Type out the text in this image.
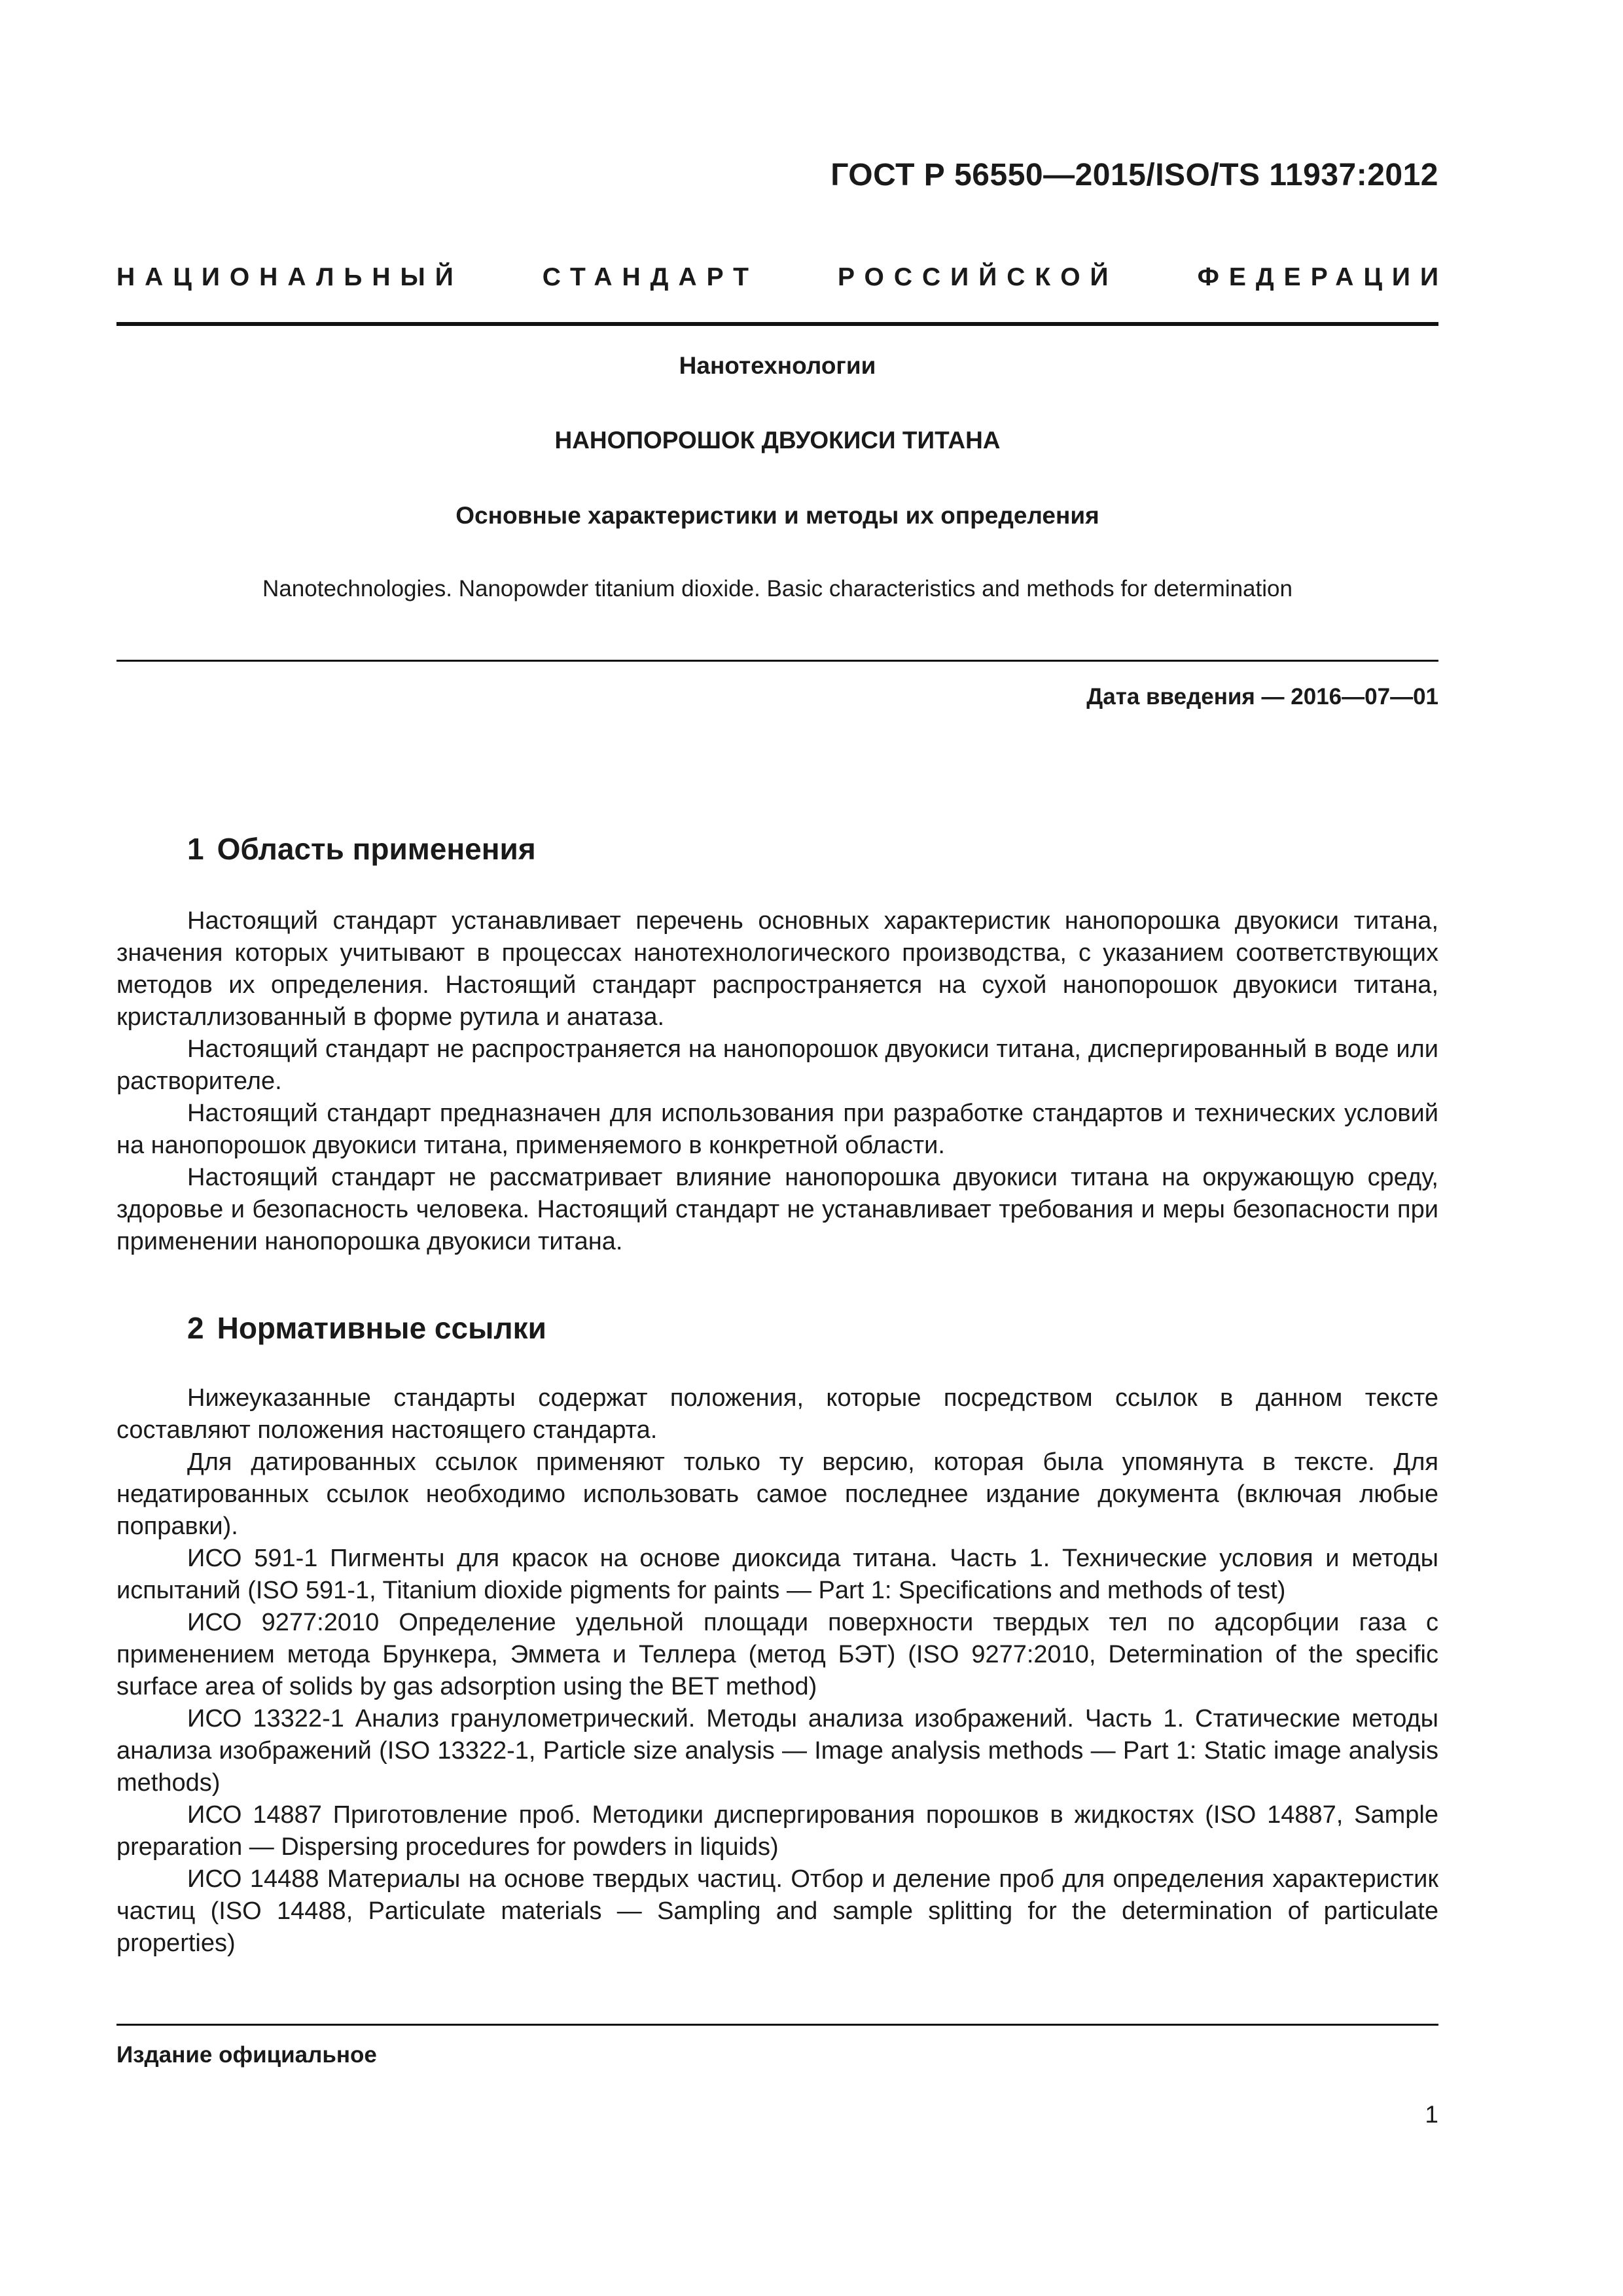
ГОСТ Р 56550—2015/ISO/TS 11937:2012
НАЦИОНАЛЬНЫЙ	СТАНДАРТ	РОССИЙСКОЙ	ФЕДЕРАЦИИ
Нанотехнологии
НАНОПОРОШОК ДВУОКИСИ ТИТАНА
Основные характеристики и методы их определения
Nanotechnologies. Nanopowder titanium dioxide. Basic characteristics and methods for determination
Дата введения — 2016—07—01
1 Область применения

Настоящий стандарт устанавливает перечень основных характеристик нанопорошка двуокиси титана, значения которых учитывают в процессах нанотехнологического производства, с указанием соответствующих методов их определения. Настоящий стандарт распространяется на сухой нанопорошок двуокиси титана, кристаллизованный в форме рутила и анатаза.

Настоящий стандарт не распространяется на нанопорошок двуокиси титана, диспергированный в воде или растворителе.

Настоящий стандарт предназначен для использования при разработке стандартов и технических условий на нанопорошок двуокиси титана, применяемого в конкретной области.

Настоящий стандарт не рассматривает влияние нанопорошка двуокиси титана на окружающую среду, здоровье и безопасность человека. Настоящий стандарт не устанавливает требования и меры безопасности при применении нанопорошка двуокиси титана.

2 Нормативные ссылки

Нижеуказанные стандарты содержат положения, которые посредством ссылок в данном тексте составляют положения настоящего стандарта.

Для датированных ссылок применяют только ту версию, которая была упомянута в тексте. Для недатированных ссылок необходимо использовать самое последнее издание документа (включая любые поправки).

ИСО 591-1 Пигменты для красок на основе диоксида титана. Часть 1. Технические условия и методы испытаний (ISO 591-1, Titanium dioxide pigments for paints — Part 1: Specifications and methods of test)

ИСО 9277:2010 Определение удельной площади поверхности твердых тел по адсорбции газа с применением метода Брункера, Эммета и Теллера (метод БЭТ) (ISO 9277:2010, Determination of the specific surface area of solids by gas adsorption using the BET method)

ИСО 13322-1 Анализ гранулометрический. Методы анализа изображений. Часть 1. Статические методы анализа изображений (ISO 13322-1, Particle size analysis — Image analysis methods — Part 1: Static image analysis methods)

ИСО 14887 Приготовление проб. Методики диспергирования порошков в жидкостях (ISO 14887, Sample preparation — Dispersing procedures for powders in liquids)

ИСО 14488 Материалы на основе твердых частиц. Отбор и деление проб для определения характеристик частиц (ISO 14488, Particulate materials — Sampling and sample splitting for the determination of particulate properties)

Издание официальное
1
